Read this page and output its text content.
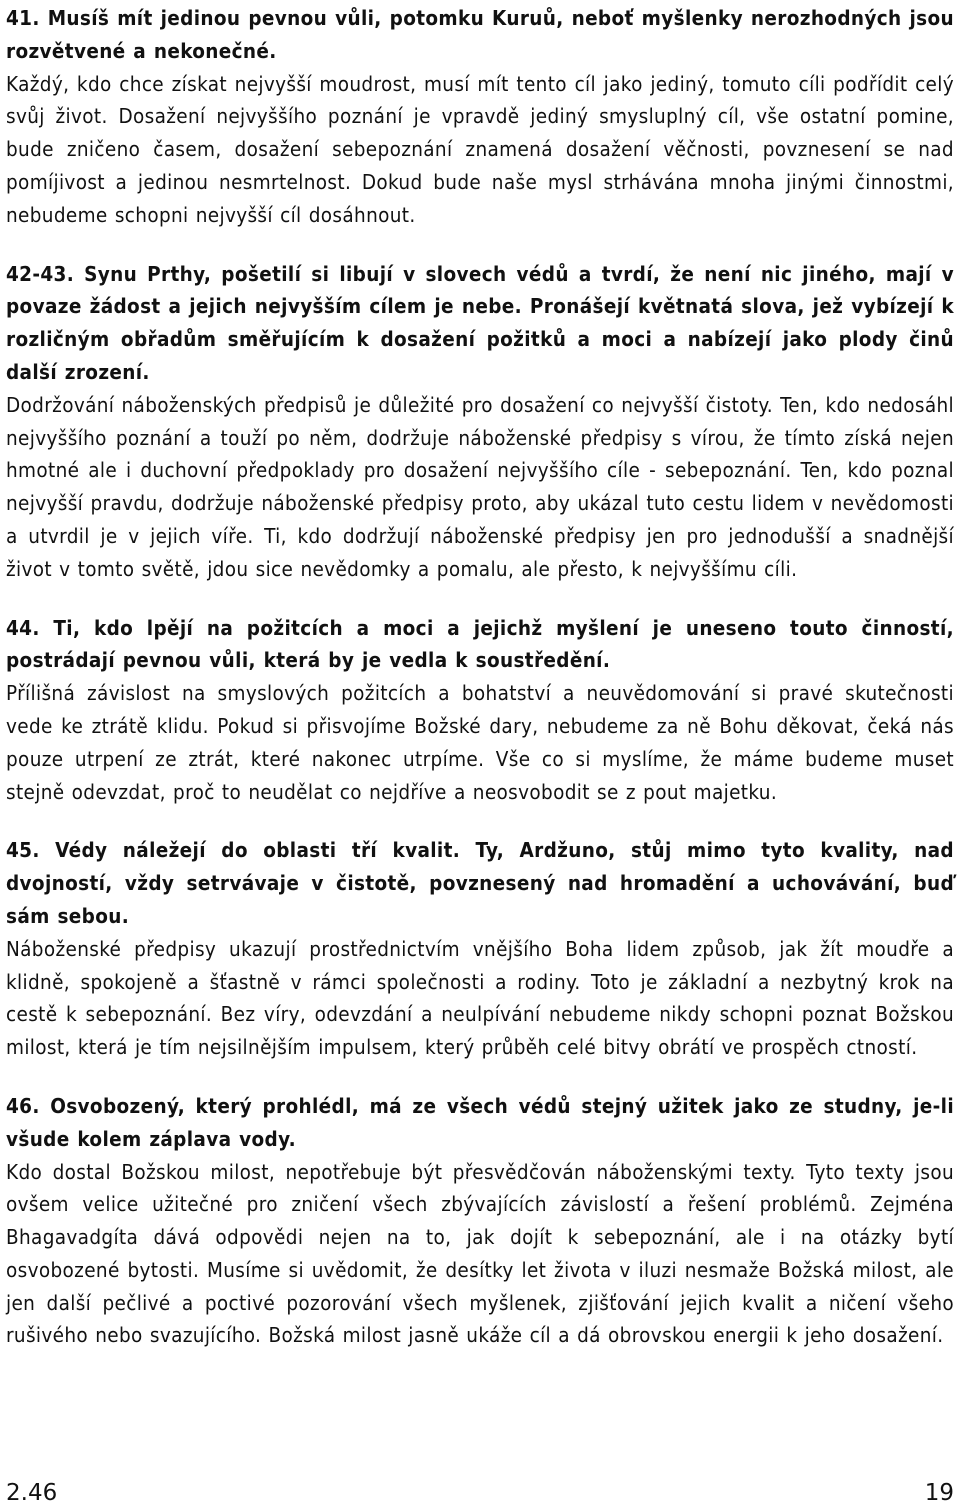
41. Musíš mít jedinou pevnou vůli, potomku Kuruů, neboť myšlenky nerozhodných jsou rozvětvené a nekonečné.

Každý, kdo chce získat nejvyšší moudrost, musí mít tento cíl jako jediný, tomuto cíli podřídit celý svůj život. Dosažení nejvyššího poznání je vpravdě jediný smysluplný cíl, vše ostatní pomine, bude zničeno časem, dosažení sebepoznání znamená dosažení věčnosti, povznesení se nad pomíjivost a jedinou nesmrtelnost. Dokud bude naše mysl strhávána mnoha jinými činnostmi, nebudeme schopni nejvyšší cíl dosáhnout.

42-43. Synu Prthy, pošetilí si libují v slovech védů a tvrdí, že není nic jiného, mají v povaze žádost a jejich nejvyšším cílem je nebe. Pronášejí květnatá slova, jež vybízejí k rozličným obřadům směřujícím k dosažení požitků a moci a nabízejí jako plody činů další zrození.

Dodržování náboženských předpisů je důležité pro dosažení co nejvyšší čistoty. Ten, kdo nedosáhl nejvyššího poznání a touží po něm, dodržuje náboženské předpisy s vírou, že tímto získá nejen hmotné ale i duchovní předpoklady pro dosažení nejvyššího cíle - sebepoznání. Ten, kdo poznal nejvyšší pravdu, dodržuje náboženské předpisy proto, aby ukázal tuto cestu lidem v nevědomosti a utvrdil je v jejich víře. Ti, kdo dodržují náboženské předpisy jen pro jednodušší a snadnější život v tomto světě, jdou sice nevědomky a pomalu, ale přesto, k nejvyššímu cíli.

44. Ti, kdo lpějí na požitcích a moci a jejichž myšlení je uneseno touto činností, postrádají pevnou vůli, která by je vedla k soustředění.

Přílišná závislost na smyslových požitcích a bohatství a neuvědomování si pravé skutečnosti vede ke ztrátě klidu. Pokud si přisvojíme Božské dary, nebudeme za ně Bohu děkovat, čeká nás pouze utrpení ze ztrát, které nakonec utrpíme. Vše co si myslíme, že máme budeme muset stejně odevzdat, proč to neudělat co nejdříve a neosvobodit se z pout majetku.

45. Védy náležejí do oblasti tří kvalit. Ty, Ardžuno, stůj mimo tyto kvality, nad dvojností, vždy setrvávaje v čistotě, povznesený nad hromadění a uchovávání, buď sám sebou.

Náboženské předpisy ukazují prostřednictvím vnějšího Boha lidem způsob, jak žít moudře a klidně, spokojeně a šťastně v rámci společnosti a rodiny. Toto je základní a nezbytný krok na cestě k sebepoznání. Bez víry, odevzdání a neulpívání nebudeme nikdy schopni poznat Božskou milost, která je tím nejsilnějším impulsem, který průběh celé bitvy obrátí ve prospěch ctností.

46. Osvobozený, který prohlédl, má ze všech védů stejný užitek jako ze studny, je-li všude kolem záplava vody.

Kdo dostal Božskou milost, nepotřebuje být přesvědčován náboženskými texty. Tyto texty jsou ovšem velice užitečné pro zničení všech zbývajících závislostí a řešení problémů. Zejména Bhagavadgíta dává odpovědi nejen na to, jak dojít k sebepoznání, ale i na otázky bytí osvobozené bytosti. Musíme si uvědomit, že desítky let života v iluzi nesmaže Božská milost, ale jen další pečlivé a poctivé pozorování všech myšlenek, zjišťování jejich kvalit a ničení všeho rušivého nebo svazujícího. Božská milost jasně ukáže cíl a dá obrovskou energii k jeho dosažení.

2.46	19
